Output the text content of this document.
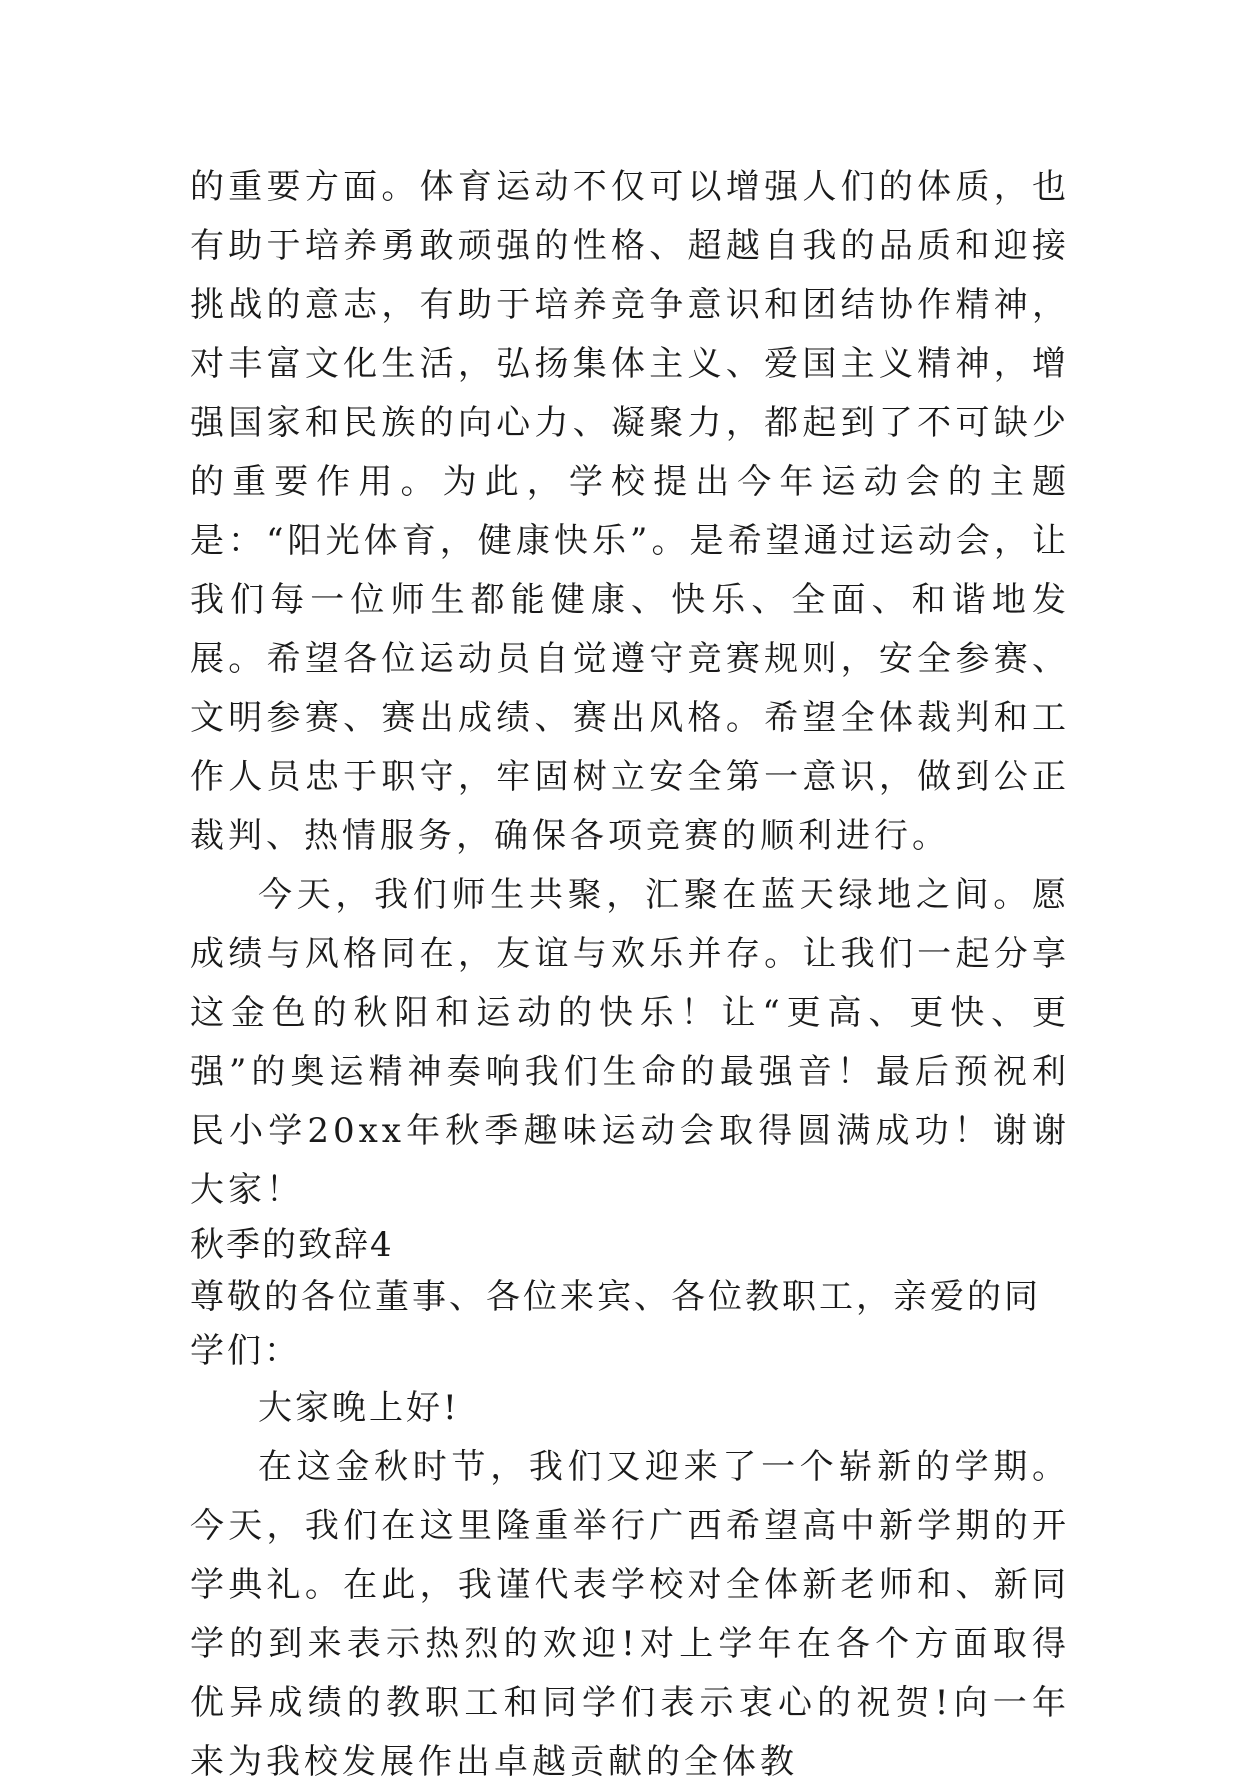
的重要方面。体育运动不仅可以增强人们的体质，也有助于培养勇敢顽强的性格、超越自我的品质和迎接挑战的意志，有助于培养竞争意识和团结协作精神，对丰富文化生活，弘扬集体主义、爱国主义精神，增强国家和民族的向心力、凝聚力，都起到了不可缺少的重要作用。为此，学校提出今年运动会的主题是：“阳光体育，健康快乐”。是希望通过运动会，让我们每一位师生都能健康、快乐、全面、和谐地发展。希望各位运动员自觉遵守竞赛规则，安全参赛、文明参赛、赛出成绩、赛出风格。希望全体裁判和工作人员忠于职守，牢固树立安全第一意识，做到公正裁判、热情服务，确保各项竞赛的顺利进行。

今天，我们师生共聚，汇聚在蓝天绿地之间。愿成绩与风格同在，友谊与欢乐并存。让我们一起分享这金色的秋阳和运动的快乐！让“更高、更快、更强”的奥运精神奏响我们生命的最强音！最后预祝利民小学20xx年秋季趣味运动会取得圆满成功！谢谢大家！

秋季的致辞4

尊敬的各位董事、各位来宾、各位教职工，亲爱的同学们：

大家晚上好!

在这金秋时节，我们又迎来了一个崭新的学期。今天，我们在这里隆重举行广西希望高中新学期的开学典礼。在此，我谨代表学校对全体新老师和、新同学的到来表示热烈的欢迎!对上学年在各个方面取得优异成绩的教职工和同学们表示衷心的祝贺!向一年来为我校发展作出卓越贡献的全体教
